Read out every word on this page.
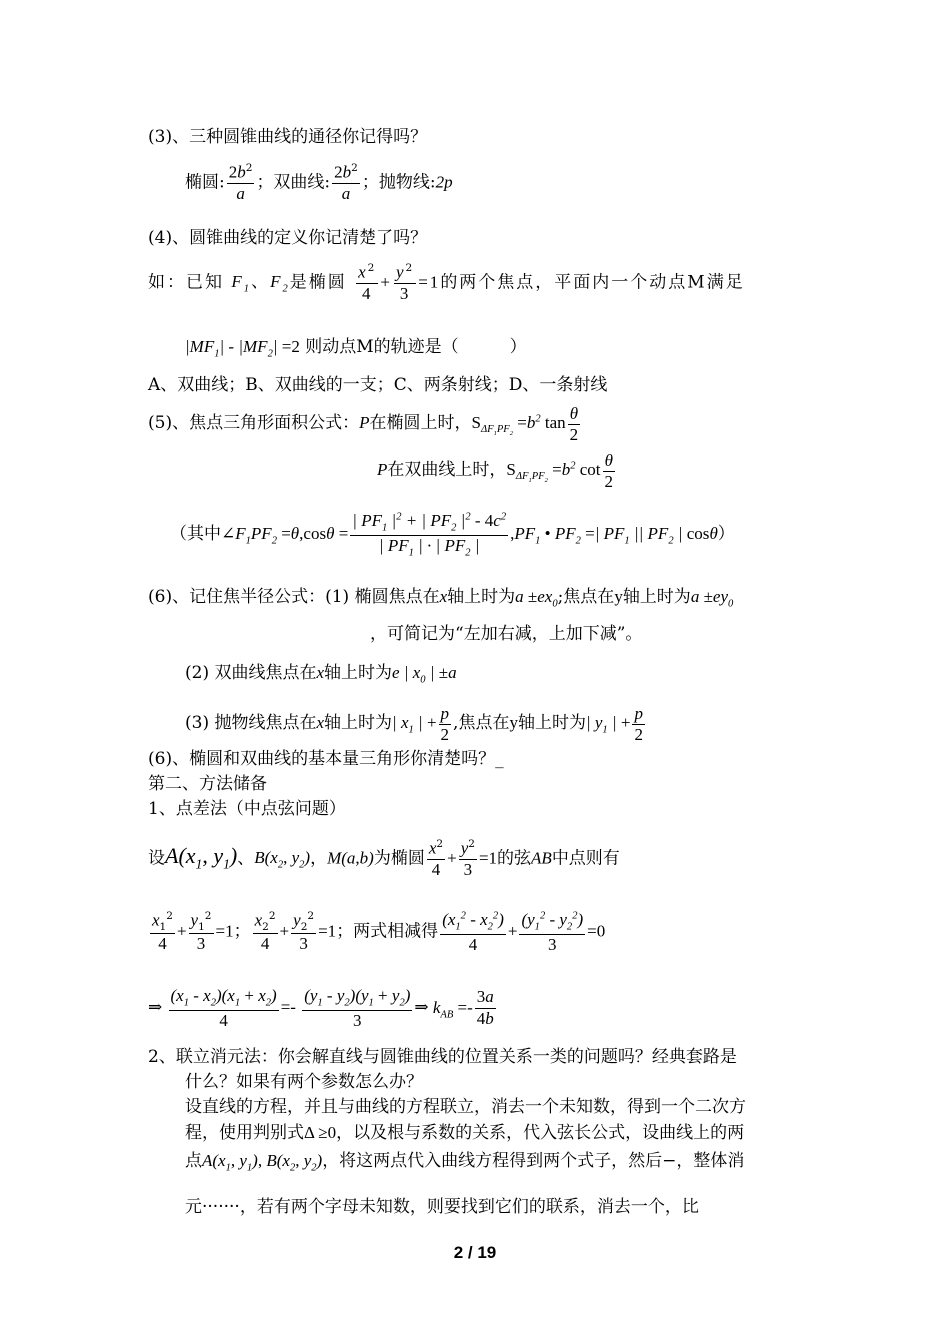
(3)、三种圆锥曲线的通径你记得吗？
椭圆: $\frac{2b^2}{a}$ ；双曲线: $\frac{2b^2}{a}$ ；抛物线:2p
(4)、圆锥曲线的定义你记清楚了吗？
如：已知 $F_1$、$F_2$是椭圆 $\frac{x^2}{4} + \frac{y^2}{3} =1$的两个焦点，平面内一个动点M满足
$|MF_1| - |MF_2| =2$ 则动点M的轨迹是（　　　）
A、双曲线；B、双曲线的一支；C、两条射线；D、一条射线
(5)、焦点三角形面积公式：P在椭圆上时，$S_{\Delta F_1PF_2} =b^2$ $\tan \frac{\theta}{2}$
P在双曲线上时，$S_{\Delta F_1PF_2} =b^2$ $\cot \frac{\theta}{2}$
（其中$\angle F_1PF_2 =\theta,\cos\theta = \frac{| PF_1 |^2 + | PF_2 |^2 - 4c^2}{| PF_1 | \cdot | PF_2 |} ,PF_1$ • $PF_2$ =| $PF_1$ || $PF_2$ | cosθ）
(6)、记住焦半径公式：(1) 椭圆焦点在x轴上时为$a \pm ex_0$;焦点在y轴上时为$a \pm ey_0$
，可简记为“左加右减，上加下减”。
(2) 双曲线焦点在x轴上时为e | $x_0$ | ±a
(3) 抛物线焦点在x轴上时为| $x_1$ | + $\frac{p}{2}$ ,焦点在y轴上时为| $y_1$ | + $\frac{p}{2}$
(6)、椭圆和双曲线的基本量三角形你清楚吗？_
第二、方法储备
1、点差法（中点弦问题）
设$A(x_1$, $y_1$)、$B(x_2$, $y_2$)，M(a,b)为椭圆 $\frac{x^2}{4} + \frac{y^2}{3} =1$的弦AB中点则有
$\frac{x_1^2}{4} + \frac{y_1^2}{3} =1$； $\frac{x_2^2}{4} + \frac{y_2^2}{3} =1$；两式相减得 $\frac{(x_1^2 - x_2^2)}{4} + \frac{(y_1^2 - y_2^2)}{3} =0$
⇒ $\frac{(x_1 - x_2)(x_1 + x_2)}{4} =- \frac{(y_1 - y_2)(y_1 + y_2)}{3}$ ⇒ $k_{AB} =- \frac{3a}{4b}$
2、联立消元法：你会解直线与圆锥曲线的位置关系一类的问题吗？经典套路是
什么？如果有两个参数怎么办？
设直线的方程，并且与曲线的方程联立，消去一个未知数，得到一个二次方
程，使用判别式Δ ≥0，以及根与系数的关系，代入弦长公式，设曲线上的两
点$A(x_1$, $y_1$), $B(x_2$, $y_2$)，将这两点代入曲线方程得到两个式子，然后−，整体消
元·······，若有两个字母未知数，则要找到它们的联系，消去一个，比
2 / 19
